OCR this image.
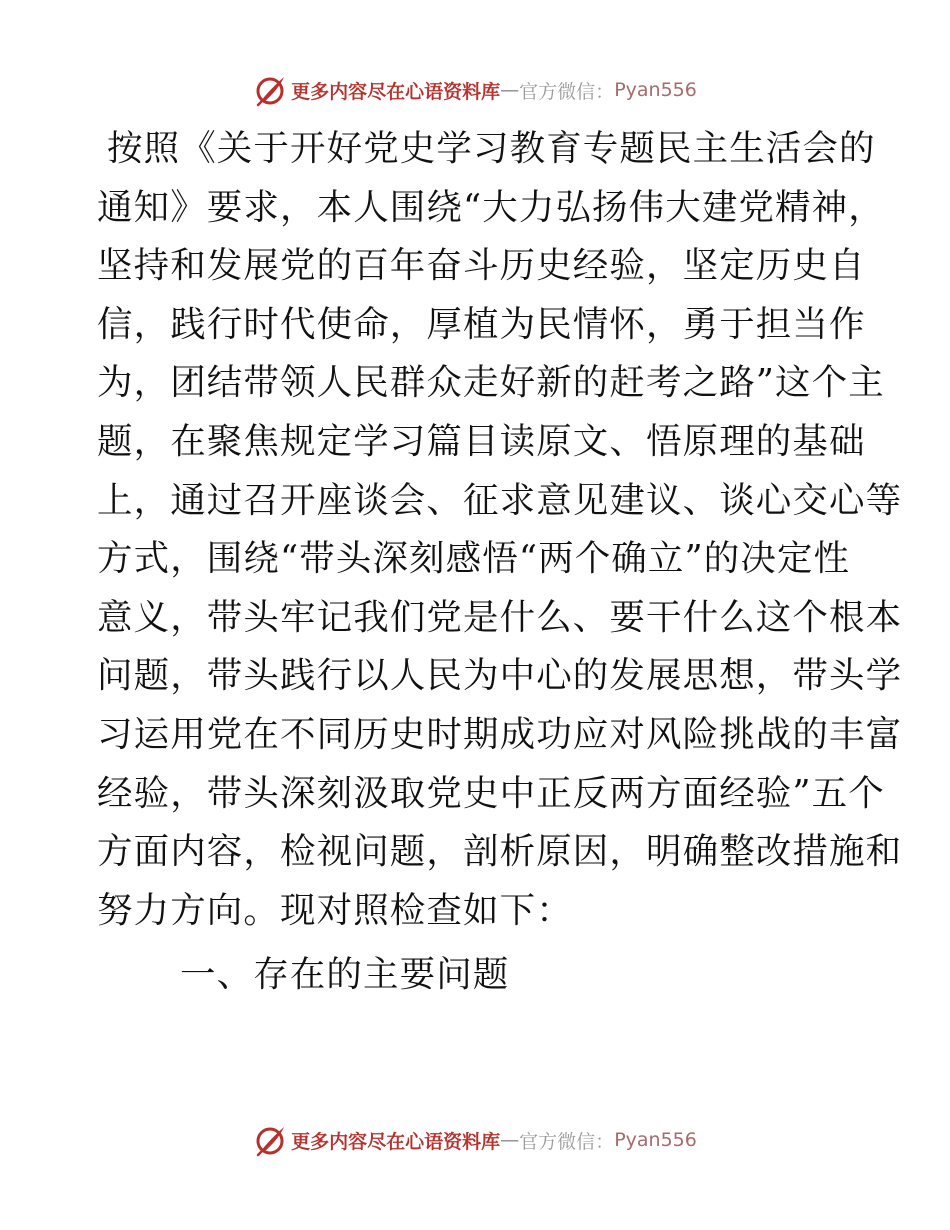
更多内容尽在心语资料库 — 官方微信： Pyan556
按照《关于开好党史学习教育专题民主生活会的
通知》要求，本人围绕“大力弘扬伟大建党精神，
坚持和发展党的百年奋斗历史经验，坚定历史自
信，践行时代使命，厚植为民情怀，勇于担当作
为，团结带领人民群众走好新的赶考之路”这个主
题，在聚焦规定学习篇目读原文、悟原理的基础
上，通过召开座谈会、征求意见建议、谈心交心等
方式，围绕“带头深刻感悟“两个确立”的决定性
意义，带头牢记我们党是什么、要干什么这个根本
问题，带头践行以人民为中心的发展思想，带头学
习运用党在不同历史时期成功应对风险挑战的丰富
经验，带头深刻汲取党史中正反两方面经验”五个
方面内容，检视问题，剖析原因，明确整改措施和
努力方向。现对照检查如下：
一、存在的主要问题
更多内容尽在心语资料库 — 官方微信： Pyan556
